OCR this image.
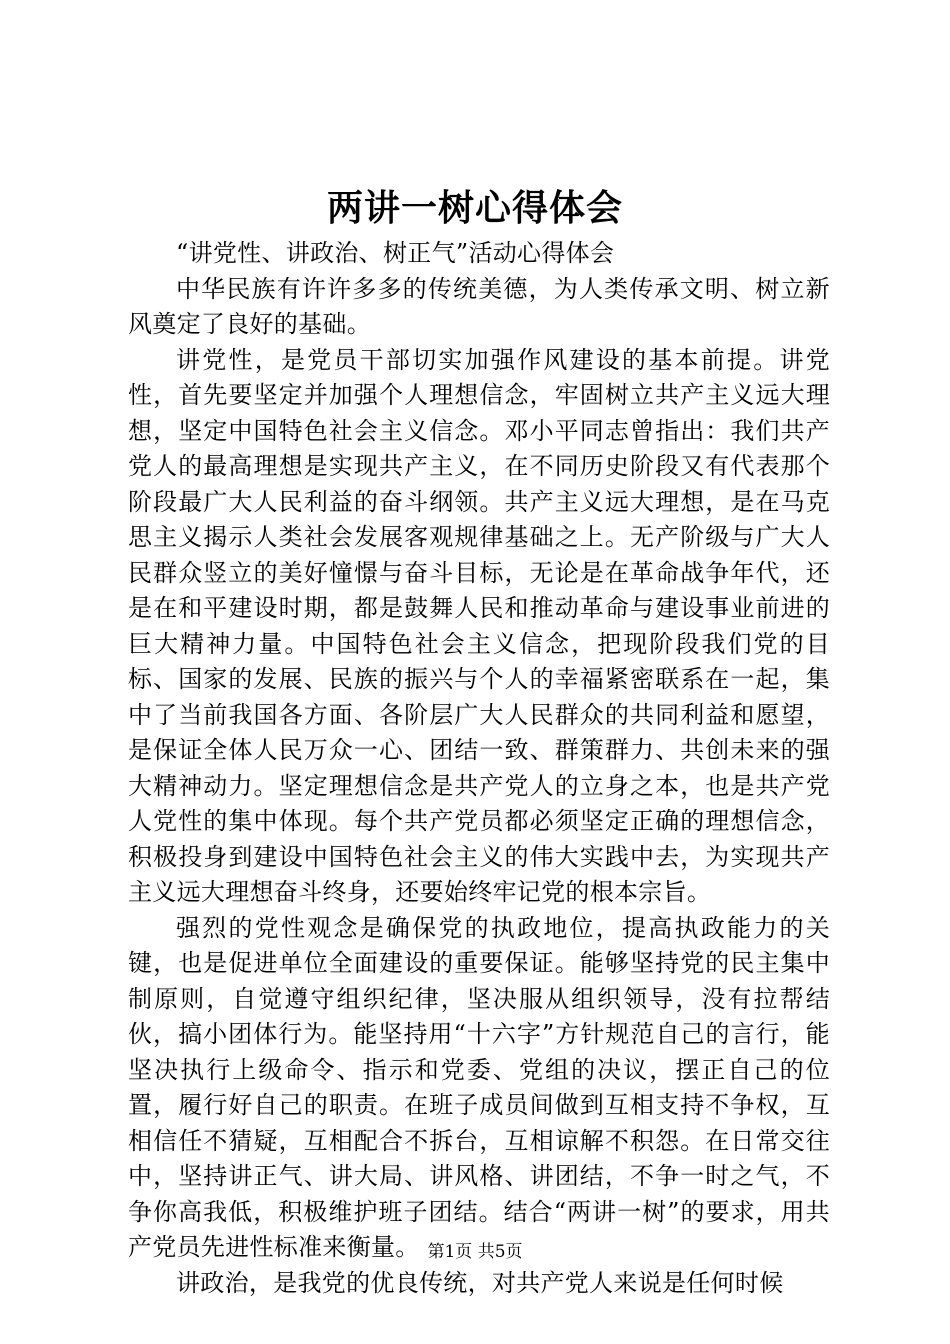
两讲一树心得体会

“讲党性、讲政治、树正气”活动心得体会

中华民族有许许多多的传统美德，为人类传承文明、树立新风奠定了良好的基础。

讲党性，是党员干部切实加强作风建设的基本前提。讲党性，首先要坚定并加强个人理想信念，牢固树立共产主义远大理想，坚定中国特色社会主义信念。邓小平同志曾指出：我们共产党人的最高理想是实现共产主义，在不同历史阶段又有代表那个阶段最广大人民利益的奋斗纲领。共产主义远大理想，是在马克思主义揭示人类社会发展客观规律基础之上。无产阶级与广大人民群众竖立的美好憧憬与奋斗目标，无论是在革命战争年代，还是在和平建设时期，都是鼓舞人民和推动革命与建设事业前进的巨大精神力量。中国特色社会主义信念，把现阶段我们党的目标、国家的发展、民族的振兴与个人的幸福紧密联系在一起，集中了当前我国各方面、各阶层广大人民群众的共同利益和愿望，是保证全体人民万众一心、团结一致、群策群力、共创未来的强大精神动力。坚定理想信念是共产党人的立身之本，也是共产党人党性的集中体现。每个共产党员都必须坚定正确的理想信念，积极投身到建设中国特色社会主义的伟大实践中去，为实现共产主义远大理想奋斗终身，还要始终牢记党的根本宗旨。

强烈的党性观念是确保党的执政地位，提高执政能力的关键，也是促进单位全面建设的重要保证。能够坚持党的民主集中制原则，自觉遵守组织纪律，坚决服从组织领导，没有拉帮结伙，搞小团体行为。能坚持用“十六字”方针规范自己的言行，能坚决执行上级命令、指示和党委、党组的决议，摆正自己的位置，履行好自己的职责。在班子成员间做到互相支持不争权，互相信任不猜疑，互相配合不拆台，互相谅解不积怨。在日常交往中，坚持讲正气、讲大局、讲风格、讲团结，不争一时之气，不争你高我低，积极维护班子团结。结合“两讲一树”的要求，用共产党员先进性标准来衡量。

讲政治，是我党的优良传统，对共产党人来说是任何时候

第1页 共5页
